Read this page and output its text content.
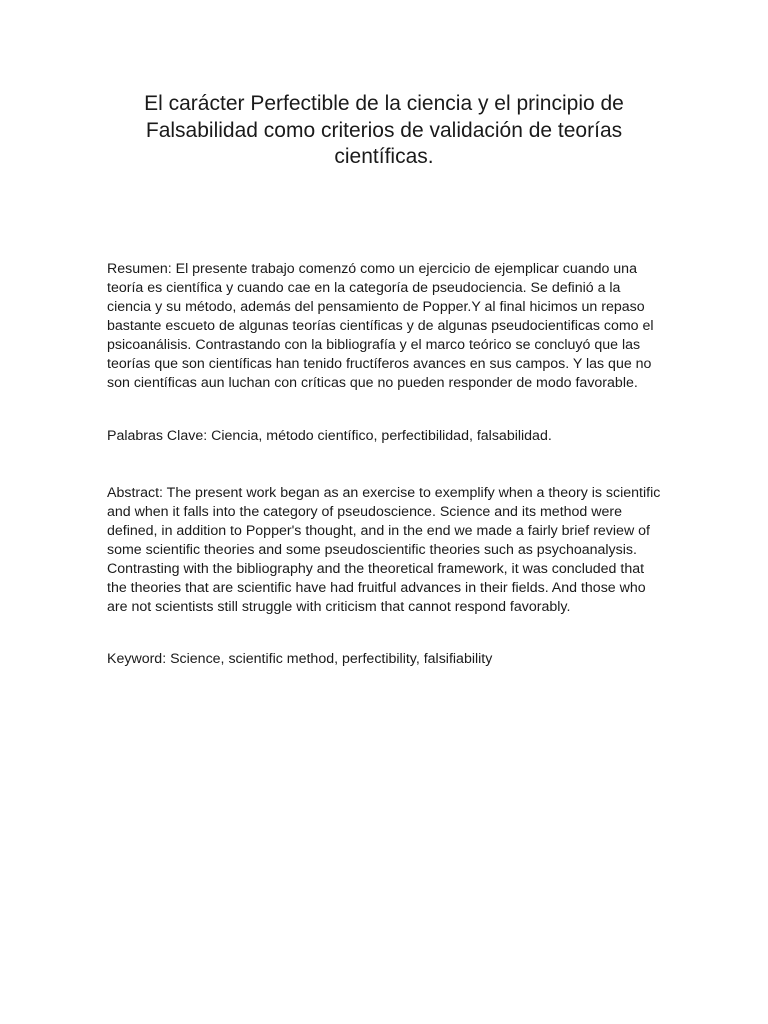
El carácter Perfectible de la ciencia y el principio de Falsabilidad como criterios de validación de teorías científicas.

Resumen: El presente trabajo comenzó como un ejercicio de ejemplicar cuando una teoría es científica y cuando cae en la categoría de pseudociencia. Se definió a la ciencia y su método, además del pensamiento de Popper.Y al final hicimos un repaso bastante escueto de algunas teorías científicas y de algunas pseudocientificas como el psicoanálisis. Contrastando con la bibliografía y el marco teórico se concluyó que las teorías que son científicas han tenido fructíferos avances en sus campos. Y las que no son científicas aun luchan con críticas que no pueden responder de modo favorable.

Palabras Clave: Ciencia, método científico, perfectibilidad, falsabilidad.

Abstract: The present work began as an exercise to exemplify when a theory is scientific and when it falls into the category of pseudoscience. Science and its method were defined, in addition to Popper's thought, and in the end we made a fairly brief review of some scientific theories and some pseudoscientific theories such as psychoanalysis. Contrasting with the bibliography and the theoretical framework, it was concluded that the theories that are scientific have had fruitful advances in their fields. And those who are not scientists still struggle with criticism that cannot respond favorably.

Keyword: Science, scientific method, perfectibility, falsifiability
